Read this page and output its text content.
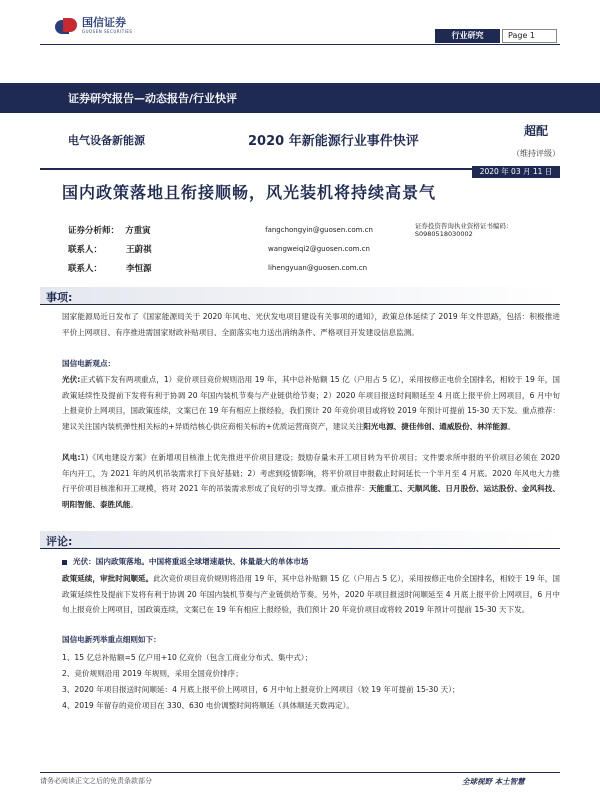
国信证券
GUOSEN SECURITIES	行业研究	Page 1
证券研究报告—动态报告/行业快评
电气设备新能源	2020 年新能源行业事件快评
超配
（维持评级）
2020 年 03 月 11 日
国内政策落地且衔接顺畅，风光装机将持续高景气
证券分析师： 方重寅	fangchongyin@guosen.com.cn	证券投资咨询执业资格证书编码：S0980518030002
联系人：	王蔚祺	wangweiqi2@guosen.com.cn
联系人：	李恒源	lihengyuan@guosen.com.cn
事项:
国家能源局近日发布了《国家能源局关于 2020 年风电、光伏发电项目建设有关事项的通知》，政策总体延续了 2019 年文件思路，包括：积极推进平价上网项目、有序推进需国家财政补贴项目、全面落实电力送出消纳条件、严格项目开发建设信息监测。
国信电新观点：
光伏:正式稿下发有两项重点，1）竞价项目竞价规则沿用 19 年，其中总补贴额 15 亿（户用占 5 亿），采用按修正电价全国排名，相较于 19 年，国政策延续性及提前下发将有利于协调 20 年国内装机节奏与产业链供给节奏；2）2020 年项目报送时间顺延至 4 月底上报平价上网项目，6 月中旬上报竞价上网项目，国政策连续，文案已在 19 年有相应上报经验，我们预计 20 年竞价项目或将较 2019 年预计可提前 15-30 天下发。重点推荐：建议关注国内装机弹性相关标的+异质结核心供应商相关标的+优质运营商资产，建议关注阳光电源、捷佳伟创、通威股份、林洋能源。
风电:1)《风电建设方案》在新增项目核准上优先推进平价项目建设；鼓励存量未开工项目转为平价项目；文件要求所申报的平价项目必须在 2020 年内开工，为 2021 年的风机吊装需求打下良好基础；2）考虑到疫情影响，将平价项目申报截止时间延长一个半月至 4 月底。2020 年风电大力推行平价项目核准和开工规模，将对 2021 年的吊装需求形成了良好的引导支撑。重点推荐：天能重工、天顺风能、日月股份、运达股份、金风科技、明阳智能、泰胜风能。
评论:
光伏：国内政策落地。中国将重返全球增速最快、体量最大的单体市场
政策延续，审批时间顺延。此次竞价项目竞价规则将沿用 19 年，其中总补贴额 15 亿（户用占 5 亿），采用按修正电价全国排名，相较于 19 年，国政策延续性及提前下发将有利于协调 20 年国内装机节奏与产业链供给节奏。另外，2020 年项目报送时间顺延至 4 月底上报平价上网项目，6 月中旬上报竞价上网项目，国政策连续，文案已在 19 年有相应上报经验，我们预计 20 年竞价项目或将较 2019 年预计可提前 15-30 天下发。
国信电新列举重点细则如下：
1、15 亿总补贴额=5 亿户用+10 亿竞价（包含工商业分布式、集中式）；
2、竞价规则沿用 2019 年规则，采用全国竞价排序；
3、2020 年项目报送时间顺延：4 月底上报平价上网项目，6 月中旬上报竞价上网项目（较 19 年可提前 15-30 天）；
4、2019 年留存的竞价项目在 330、630 电价调整时间将顺延（具体顺延天数再定）。
请务必阅读正文之后的免责条款部分	全球视野 本土智慧
